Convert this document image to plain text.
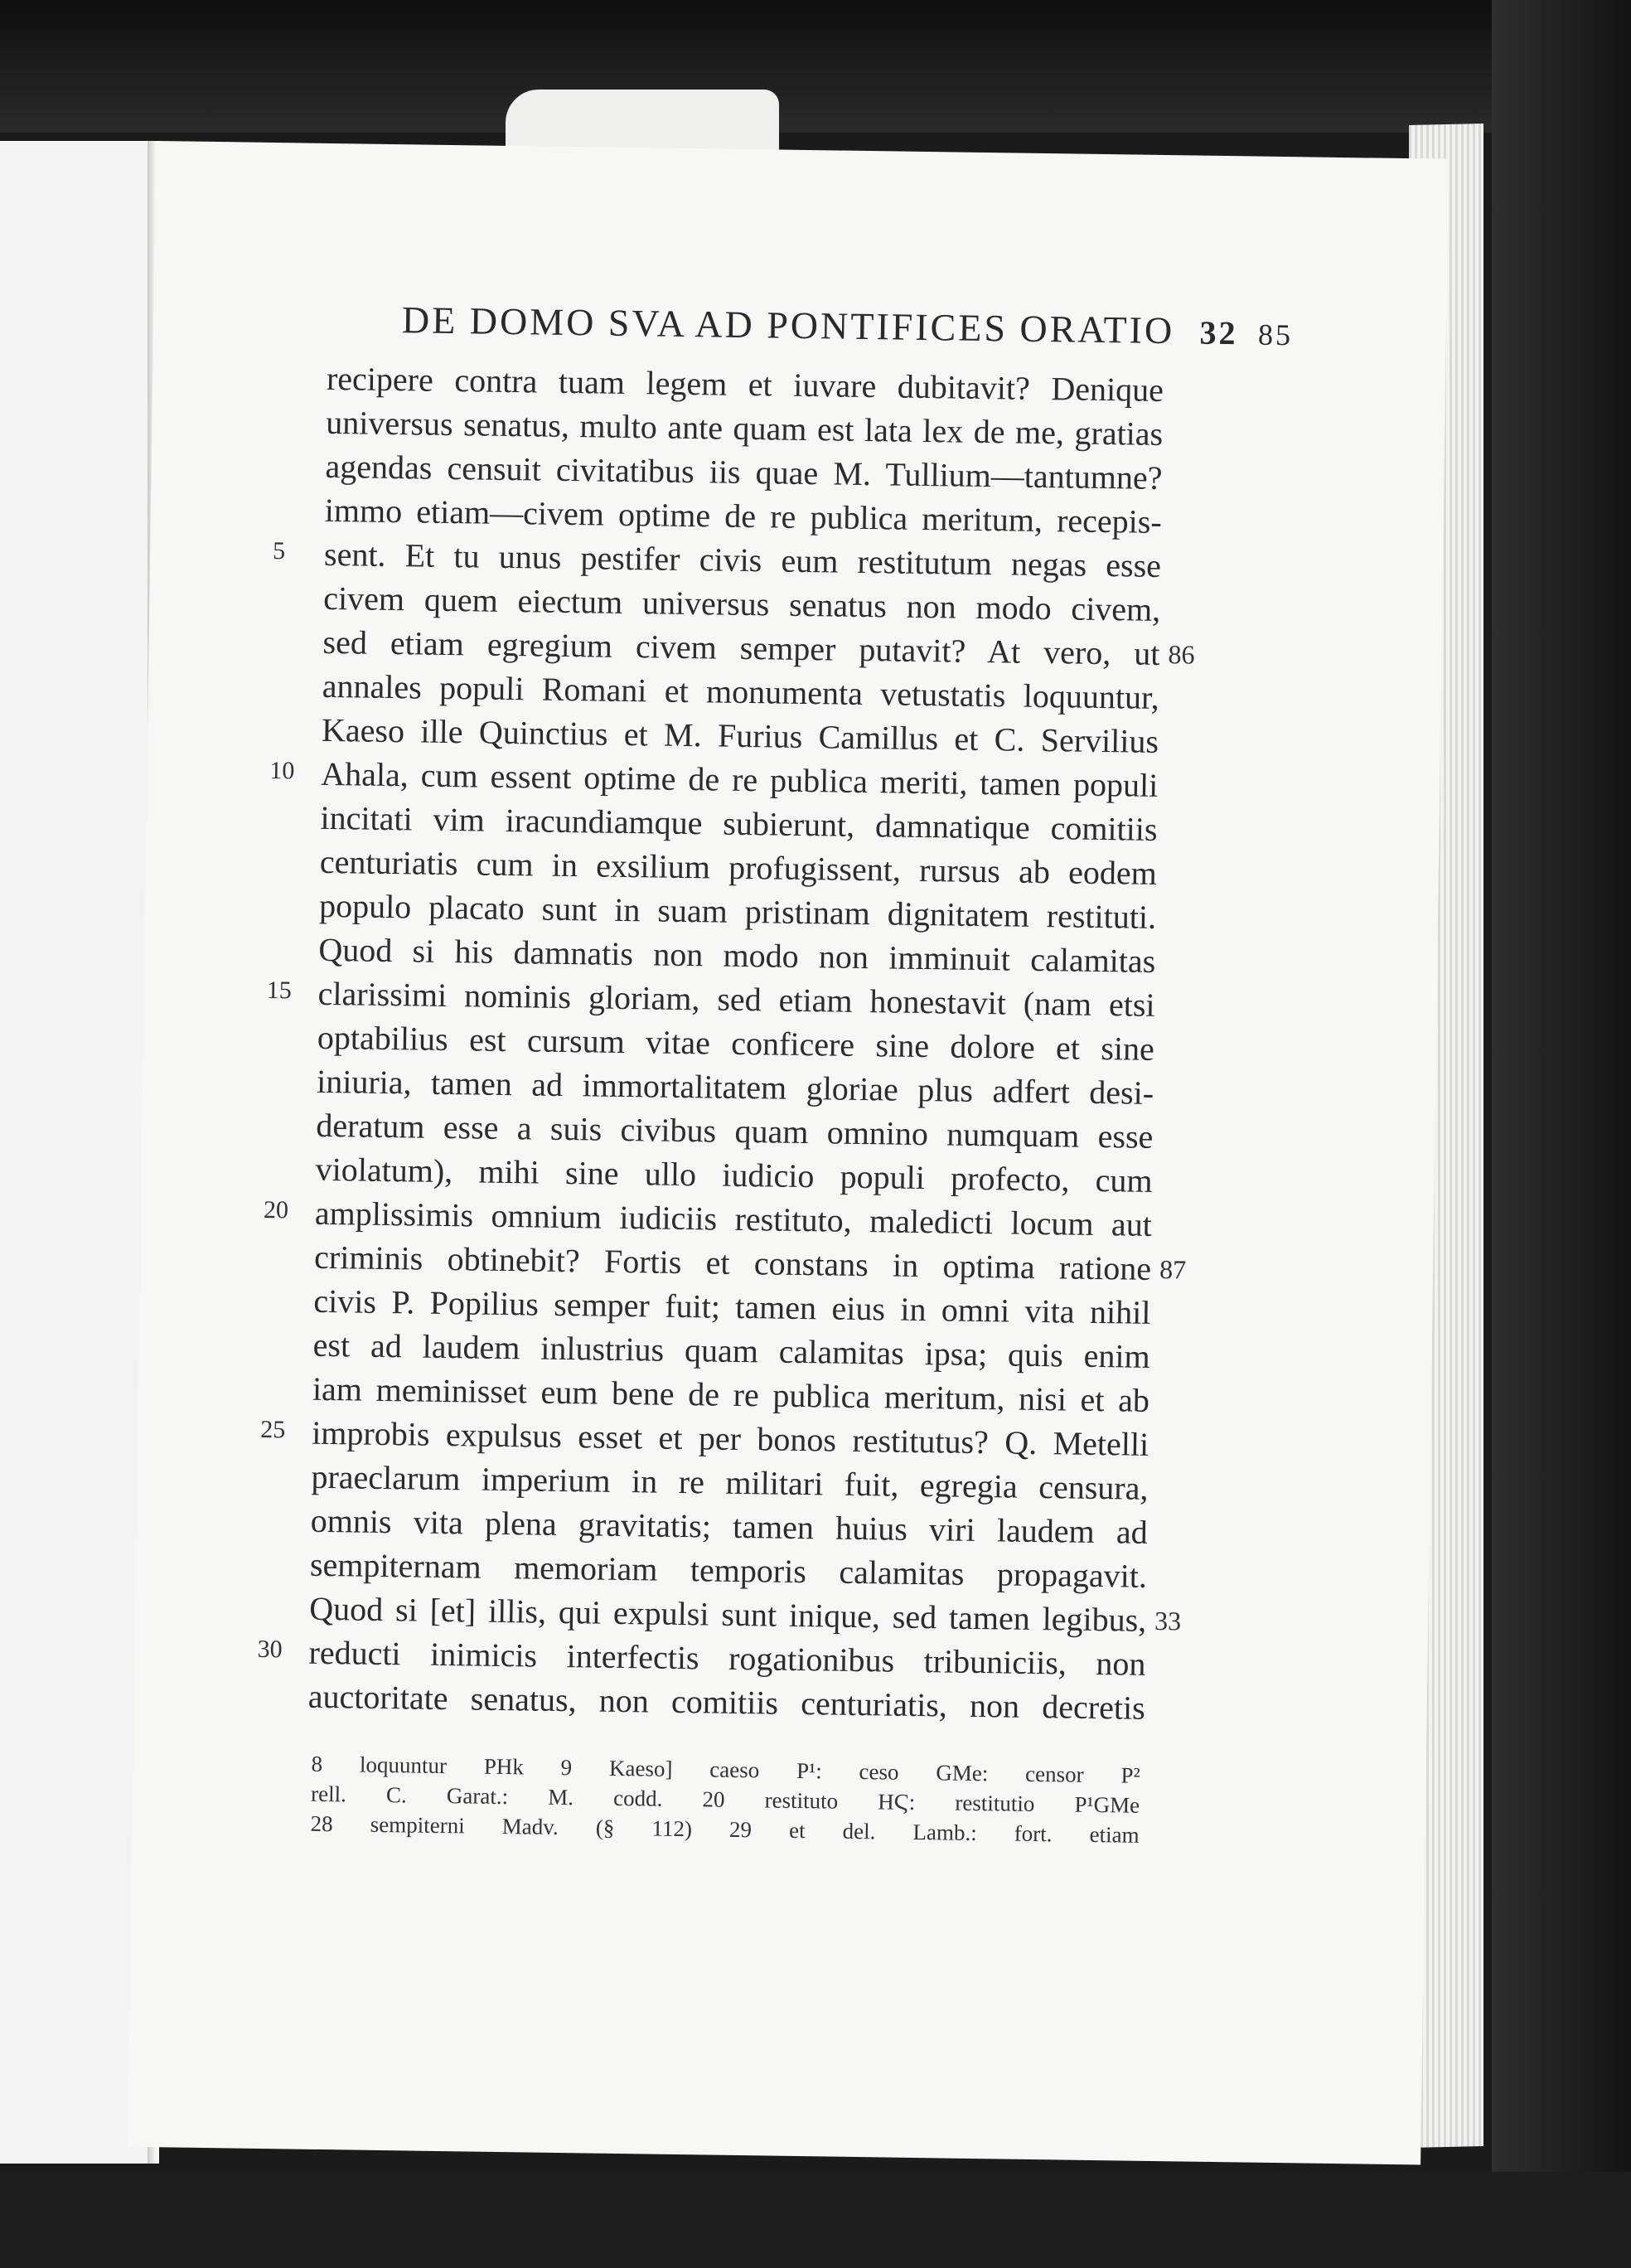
DE DOMO SVA AD PONTIFICES ORATIO 32 85
recipere contra tuam legem et iuvare dubitavit? Denique
universus senatus, multo ante quam est lata lex de me, gratias
agendas censuit civitatibus iis quae M. Tullium—tantumne?
immo etiam—civem optime de re publica meritum, recepis-
sent. Et tu unus pestifer civis eum restitutum negas esse
5
civem quem eiectum universus senatus non modo civem,
sed etiam egregium civem semper putavit? At vero, ut 86
annales populi Romani et monumenta vetustatis loquuntur,
Kaeso ille Quinctius et M. Furius Camillus et C. Servilius
Ahala, cum essent optime de re publica meriti, tamen populi
10
incitati vim iracundiamque subierunt, damnatique comitiis
centuriatis cum in exsilium profugissent, rursus ab eodem
populo placato sunt in suam pristinam dignitatem restituti.
Quod si his damnatis non modo non imminuit calamitas
clarissimi nominis gloriam, sed etiam honestavit (nam etsi
15
optabilius est cursum vitae conficere sine dolore et sine
iniuria, tamen ad immortalitatem gloriae plus adfert desi-
deratum esse a suis civibus quam omnino numquam esse
violatum), mihi sine ullo iudicio populi profecto, cum
amplissimis omnium iudiciis restituto, maledicti locum aut
20
criminis obtinebit? Fortis et constans in optima ratione 87
civis P. Popilius semper fuit; tamen eius in omni vita nihil
est ad laudem inlustrius quam calamitas ipsa; quis enim
iam meminisset eum bene de re publica meritum, nisi et ab
improbis expulsus esset et per bonos restitutus? Q. Metelli
25
praeclarum imperium in re militari fuit, egregia censura,
omnis vita plena gravitatis; tamen huius viri laudem ad
sempiternam memoriam temporis calamitas propagavit.
Quod si [et] illis, qui expulsi sunt inique, sed tamen legibus, 33
reducti inimicis interfectis rogationibus tribuniciis, non
30
auctoritate senatus, non comitiis centuriatis, non decretis
8 loquuntur PHk 9 Kaeso] caeso P¹: ceso GMe: censor P²
rell. C. Garat.: M. codd. 20 restituto HϚ: restitutio P¹GMe
28 sempiterni Madv. (§ 112) 29 et del. Lamb.: fort. etiam
